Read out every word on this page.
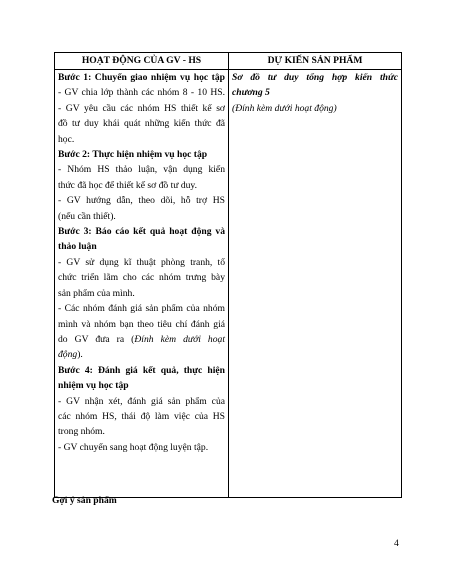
HOẠT ĐỘNG CỦA GV - HS	DỰ KIẾN SẢN PHẨM
Bước 1: Chuyển giao nhiệm vụ học tập
- GV chia lớp thành các nhóm 8 - 10 HS.
- GV yêu cầu các nhóm HS thiết kế sơ
đồ tư duy khái quát những kiến thức đã
học.
Bước 2: Thực hiện nhiệm vụ học tập
- Nhóm HS thảo luận, vận dụng kiến
thức đã học để thiết kế sơ đồ tư duy.
- GV hướng dẫn, theo dõi, hỗ trợ HS
(nếu cần thiết).
Bước 3: Báo cáo kết quả hoạt động và
thảo luận
- GV sử dụng kĩ thuật phòng tranh, tổ
chức triển lãm cho các nhóm trưng bày
sản phẩm của mình.
- Các nhóm đánh giá sản phẩm của nhóm
mình và nhóm bạn theo tiêu chí đánh giá
do GV đưa ra (Đính kèm dưới hoạt
động).
Bước 4: Đánh giá kết quả, thực hiện
nhiệm vụ học tập
- GV nhận xét, đánh giá sản phẩm của
các nhóm HS, thái độ làm việc của HS
trong nhóm.
- GV chuyển sang hoạt động luyện tập.
Sơ đồ tư duy tổng hợp kiến thức
chương 5
(Đính kèm dưới hoạt động)
Gợi ý sản phẩm
4
